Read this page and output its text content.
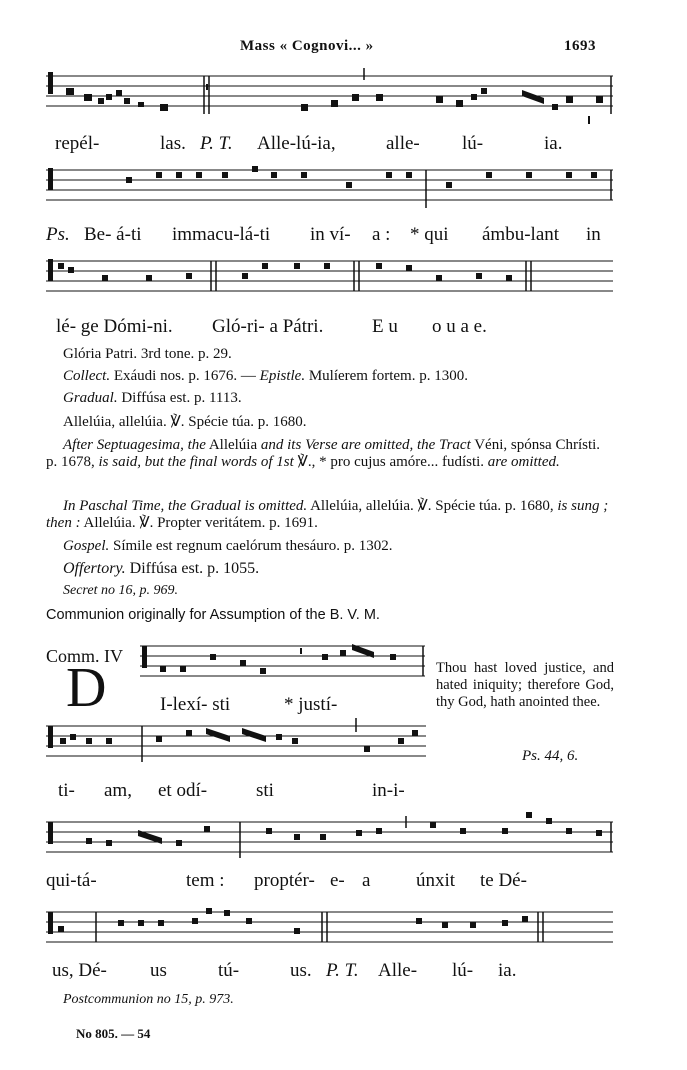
Mass « Cognovi... »	1693
repél-	las. P. T. Alle-lú-ia,	alle- lú-	ia.
Ps. Be- á-ti immacu-lá-ti in ví- a : * qui ámbu-lant in
lé- ge Dómi-ni. Gló-ri- a Pátri.	E u o u a e.
Glória Patri. 3rd tone. p. 29.
Collect. Exáudi nos. p. 1676. — Epistle. Mulíerem fortem. p. 1300.
Gradual. Diffúsa est. p. 1113.
Allelúia, allelúia. ℣. Spécie túa. p. 1680.
After Septuagesima, the Allelúia and its Verse are omitted, the Tract Véni, spónsa Chrísti. p. 1678, is said, but the final words of 1st ℣., * pro cujus amóre... fudísti. are omitted.
In Paschal Time, the Gradual is omitted. Allelúia, allelúia. ℣. Spécie túa. p. 1680, is sung ; then : Allelúia. ℣. Propter veritátem. p. 1691.
Gospel. Símile est regnum caelórum thesáuro. p. 1302.
Offertory. Diffúsa est. p. 1055.
Secret no 16, p. 969.
Communion originally for Assumption of the B. V. M.
Comm. IV
D	I-lexí- sti	* justí-
Thou hast loved justice, and hated iniquity; therefore God, thy God, hath anointed thee.
Ps. 44, 6.
ti- am, et odí-	sti	in-i-
qui-tá-	tem : proptér- e- a únxit te Dé-
us, Dé- us	tú-	us. P. T. Alle- lú- ia.
Postcommunion no 15, p. 973.
No 805. — 54
